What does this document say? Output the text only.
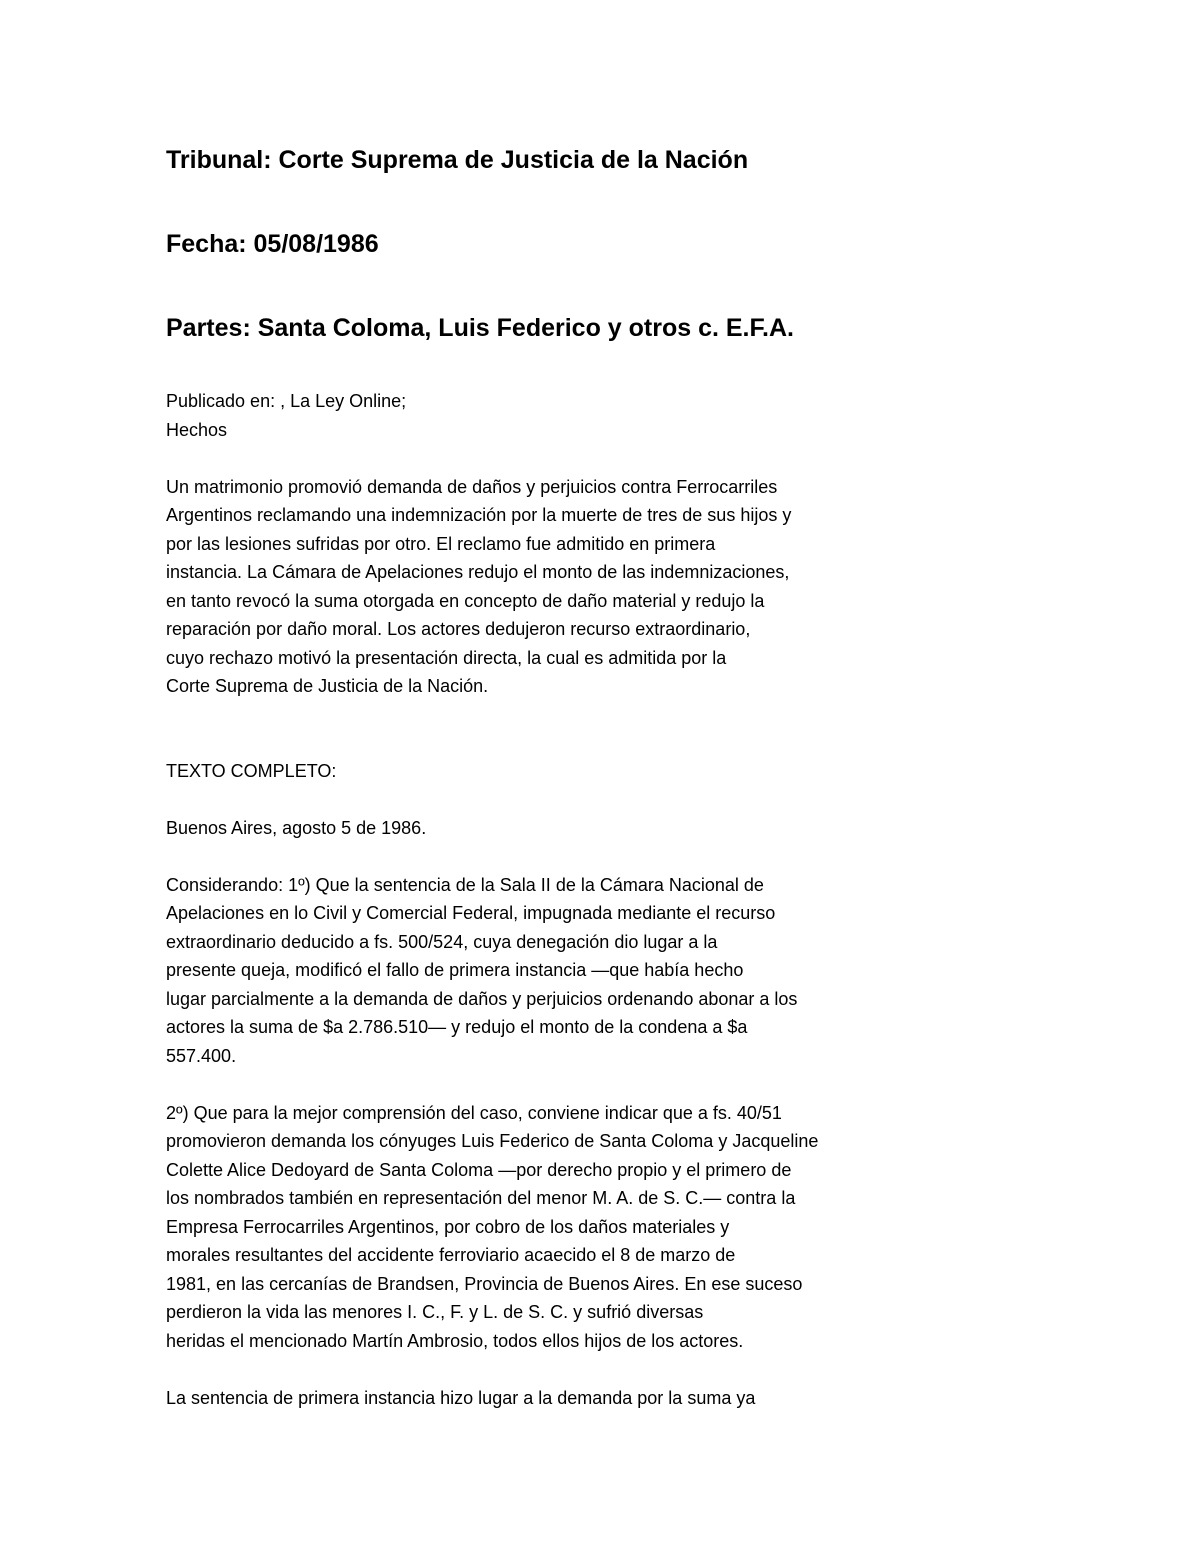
Tribunal: Corte Suprema de Justicia de la Nación
Fecha: 05/08/1986
Partes: Santa Coloma, Luis Federico y otros c. E.F.A.

Publicado en: , La Ley Online;

Hechos

Un matrimonio promovió demanda de daños y perjuicios contra Ferrocarriles

Argentinos reclamando una indemnización por la muerte de tres de sus hijos y

por las lesiones sufridas por otro. El reclamo fue admitido en primera

instancia. La Cámara de Apelaciones redujo el monto de las indemnizaciones,

en tanto revocó la suma otorgada en concepto de daño material y redujo la

reparación por daño moral. Los actores dedujeron recurso extraordinario,

cuyo rechazo motivó la presentación directa, la cual es admitida por la

Corte Suprema de Justicia de la Nación.

TEXTO COMPLETO:

Buenos Aires, agosto 5 de 1986.

Considerando: 1º) Que la sentencia de la Sala II de la Cámara Nacional de

Apelaciones en lo Civil y Comercial Federal, impugnada mediante el recurso

extraordinario deducido a fs. 500/524, cuya denegación dio lugar a la

presente queja, modificó el fallo de primera instancia —que había hecho

lugar parcialmente a la demanda de daños y perjuicios ordenando abonar a los

actores la suma de $a 2.786.510— y redujo el monto de la condena a $a

557.400.

2º) Que para la mejor comprensión del caso, conviene indicar que a fs. 40/51

promovieron demanda los cónyuges Luis Federico de Santa Coloma y Jacqueline

Colette Alice Dedoyard de Santa Coloma —por derecho propio y el primero de

los nombrados también en representación del menor M. A. de S. C.— contra la

Empresa Ferrocarriles Argentinos, por cobro de los daños materiales y

morales resultantes del accidente ferroviario acaecido el 8 de marzo de

1981, en las cercanías de Brandsen, Provincia de Buenos Aires. En ese suceso

perdieron la vida las menores I. C., F. y L. de S. C. y sufrió diversas

heridas el mencionado Martín Ambrosio, todos ellos hijos de los actores.

La sentencia de primera instancia hizo lugar a la demanda por la suma ya
